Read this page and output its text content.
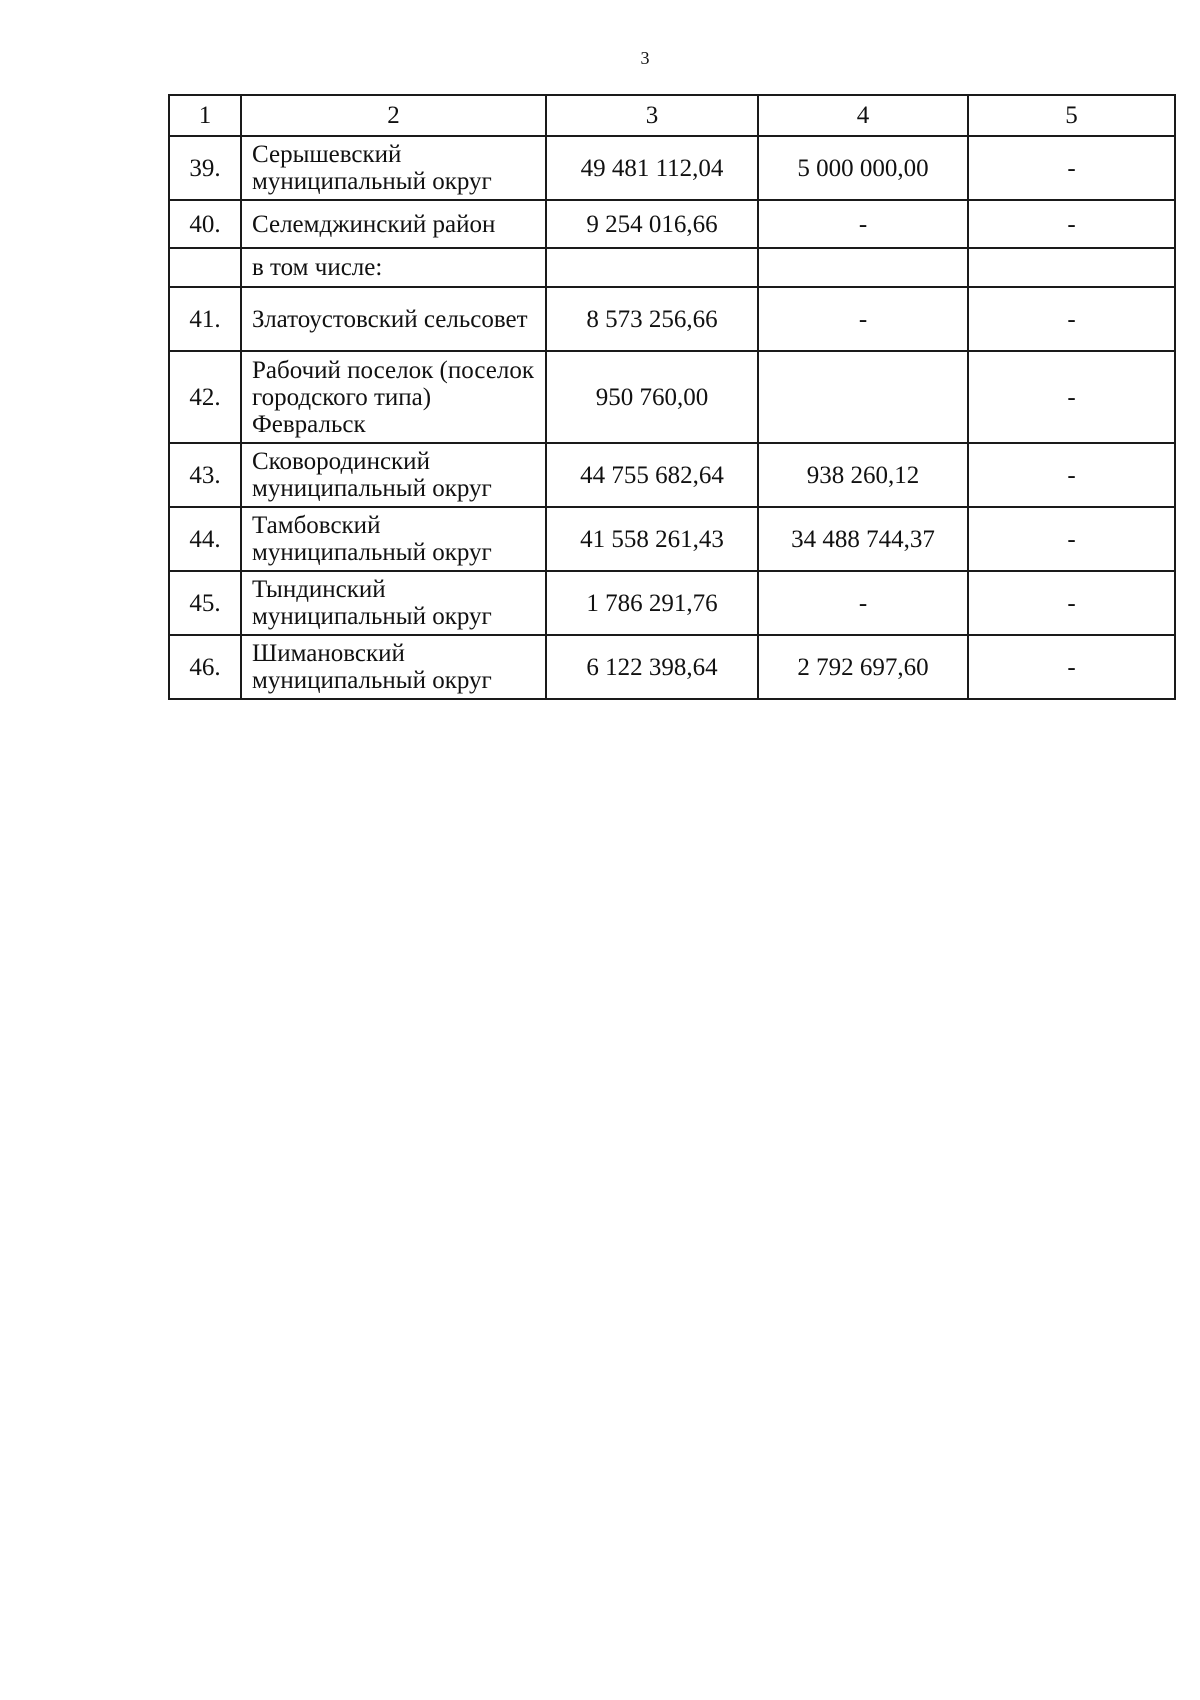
3
1	2	3	4	5
39.	Серышевский муниципальный округ	49 481 112,04	5 000 000,00	-
40.	Селемджинский район	9 254 016,66	-	-
	в том числе:			
41.	Златоустовский сельсовет	8 573 256,66	-	-
42.	Рабочий поселок (поселок городского типа) Февральск	950 760,00		-
43.	Сковородинский муниципальный округ	44 755 682,64	938 260,12	-
44.	Тамбовский муниципальный округ	41 558 261,43	34 488 744,37	-
45.	Тындинский муниципальный округ	1 786 291,76	-	-
46.	Шимановский муниципальный округ	6 122 398,64	2 792 697,60	-
